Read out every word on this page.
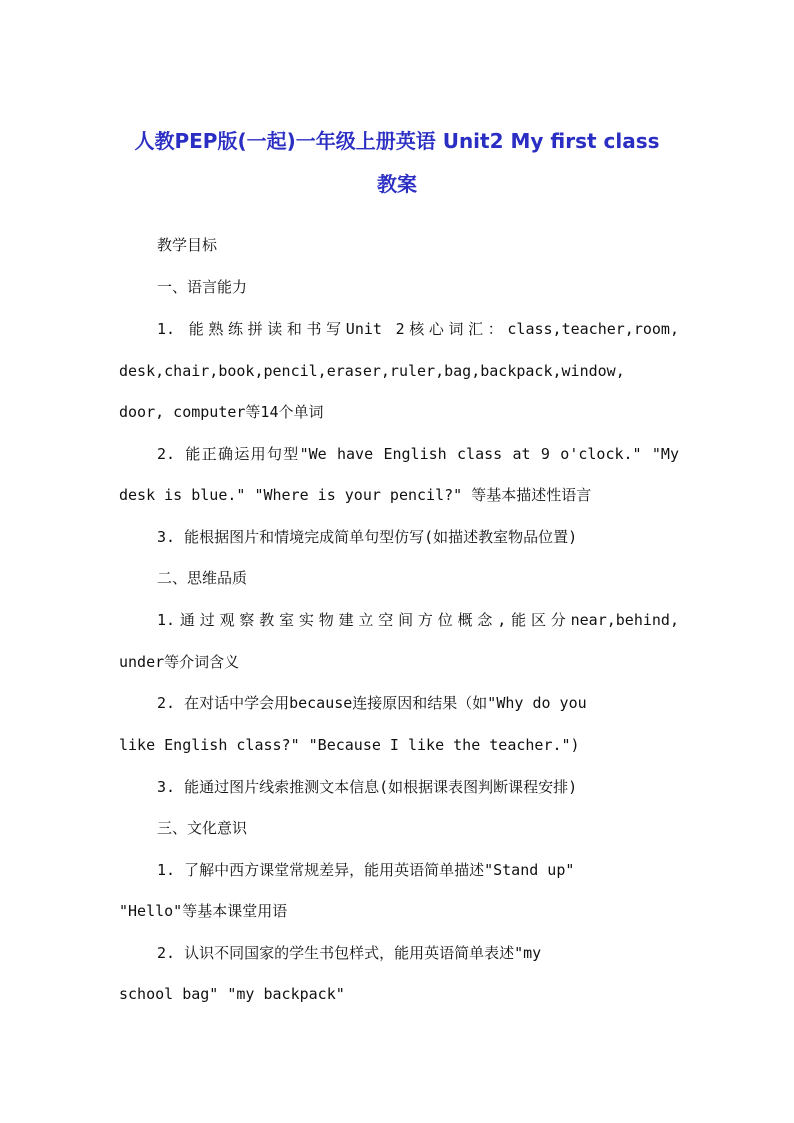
人教PEP版(一起)一年级上册英语 Unit2 My first class
教案
教学目标
一、语言能力
1. 能熟练拼读和书写Unit 2核心词汇：class,teacher,room,
desk,chair,book,pencil,eraser,ruler,bag,backpack,window,
door, computer等14个单词
2. 能正确运用句型"We have English class at 9 o'clock." "My
desk is blue." "Where is your pencil?" 等基本描述性语言
3. 能根据图片和情境完成简单句型仿写(如描述教室物品位置)
二、思维品质
1.通过观察教室实物建立空间方位概念,能区分near,behind,
under等介词含义
2. 在对话中学会用because连接原因和结果（如"Why do you
like English class?" "Because I like the teacher.")
3. 能通过图片线索推测文本信息(如根据课表图判断课程安排)
三、文化意识
1. 了解中西方课堂常规差异，能用英语简单描述"Stand up"
"Hello"等基本课堂用语
2. 认识不同国家的学生书包样式，能用英语简单表述"my
school bag" "my backpack"
